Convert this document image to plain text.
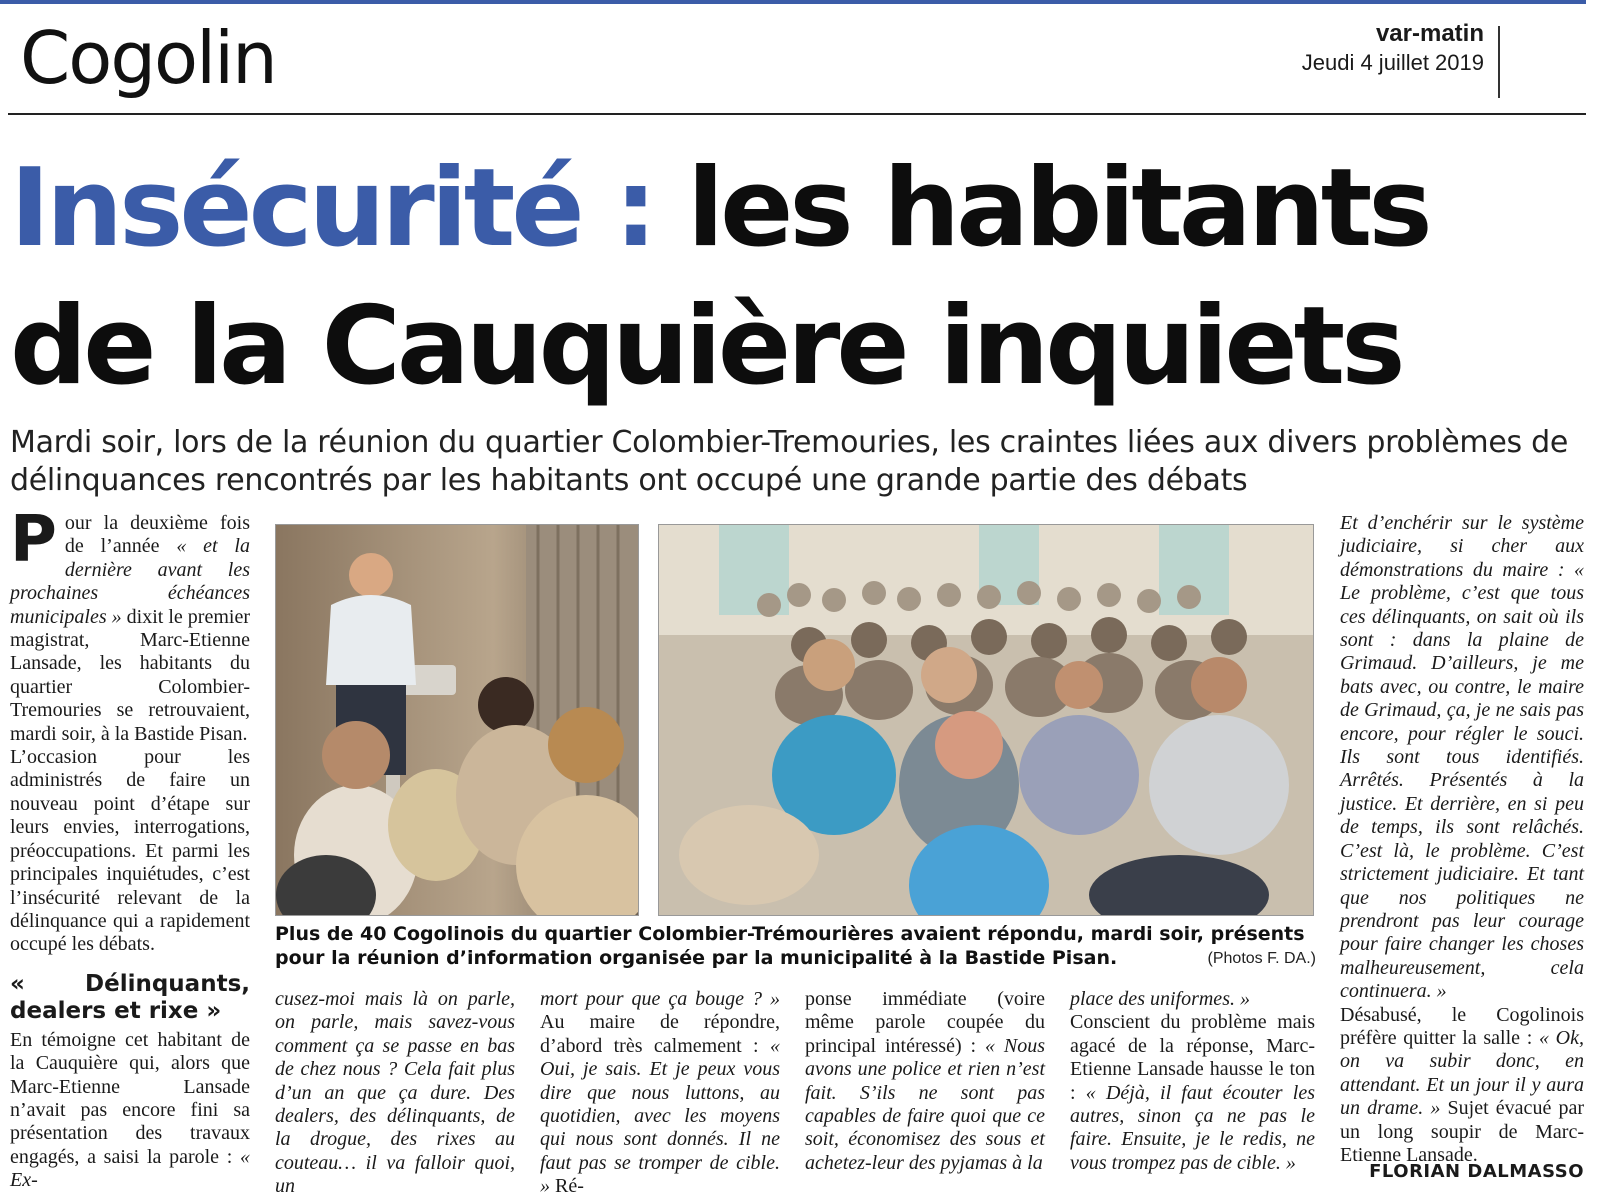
Cogolin	var-matin
Jeudi 4 juillet 2019
Insécurité : les habitants
de la Cauquière inquiets
Mardi soir, lors de la réunion du quartier Colombier-Tremouries, les craintes liées aux divers problèmes de délinquances rencontrés par les habitants ont occupé une grande partie des débats

Pour la deuxième fois de l’année « et la dernière avant les prochaines échéances municipales » dixit le premier magistrat, Marc-Etienne Lansade, les habitants du quartier Colombier-Tremouries se retrouvaient, mardi soir, à la Bastide Pisan.

L’occasion pour les administrés de faire un nouveau point d’étape sur leurs envies, interrogations, préoccupations. Et parmi les principales inquiétudes, c’est l’insécurité relevant de la délinquance qui a rapidement occupé les débats.

« Délinquants, dealers et rixe »

En témoigne cet habitant de la Cauquière qui, alors que Marc-Etienne Lansade n’avait pas encore fini sa présentation des travaux engagés, a saisi la parole : « Ex-

Plus de 40 Cogolinois du quartier Colombier-Trémourières avaient répondu, mardi soir, présents pour la réunion d’information organisée par la municipalité à la Bastide Pisan.	(Photos F. DA.)

cusez-moi mais là on parle, on parle, mais savez-vous comment ça se passe en bas de chez nous ? Cela fait plus d’un an que ça dure. Des dealers, des délinquants, de la drogue, des rixes au couteau… il va falloir quoi, un

mort pour que ça bouge ? » Au maire de répondre, d’abord très calmement : « Oui, je sais. Et je peux vous dire que nous luttons, au quotidien, avec les moyens qui nous sont donnés. Il ne faut pas se tromper de cible. » Ré-

ponse immédiate (voire même parole coupée du principal intéressé) : « Nous avons une police et rien n’est fait. S’ils ne sont pas capables de faire quoi que ce soit, économisez des sous et achetez-leur des pyjamas à la

place des uniformes. »

Conscient du problème mais agacé de la réponse, Marc-Etienne Lansade hausse le ton : « Déjà, il faut écouter les autres, sinon ça ne pas le faire. Ensuite, je le redis, ne vous trompez pas de cible. »

Et d’enchérir sur le système judiciaire, si cher aux démonstrations du maire : « Le problème, c’est que tous ces délinquants, on sait où ils sont : dans la plaine de Grimaud. D’ailleurs, je me bats avec, ou contre, le maire de Grimaud, ça, je ne sais pas encore, pour régler le souci. Ils sont tous identifiés. Arrêtés. Présentés à la justice. Et derrière, en si peu de temps, ils sont relâchés. C’est là, le problème. C’est strictement judiciaire. Et tant que nos politiques ne prendront pas leur courage pour faire changer les choses malheureusement, cela continuera. »

Désabusé, le Cogolinois préfère quitter la salle : « Ok, on va subir donc, en attendant. Et un jour il y aura un drame. » Sujet évacué par un long soupir de Marc-Etienne Lansade.

FLORIAN DALMASSO
